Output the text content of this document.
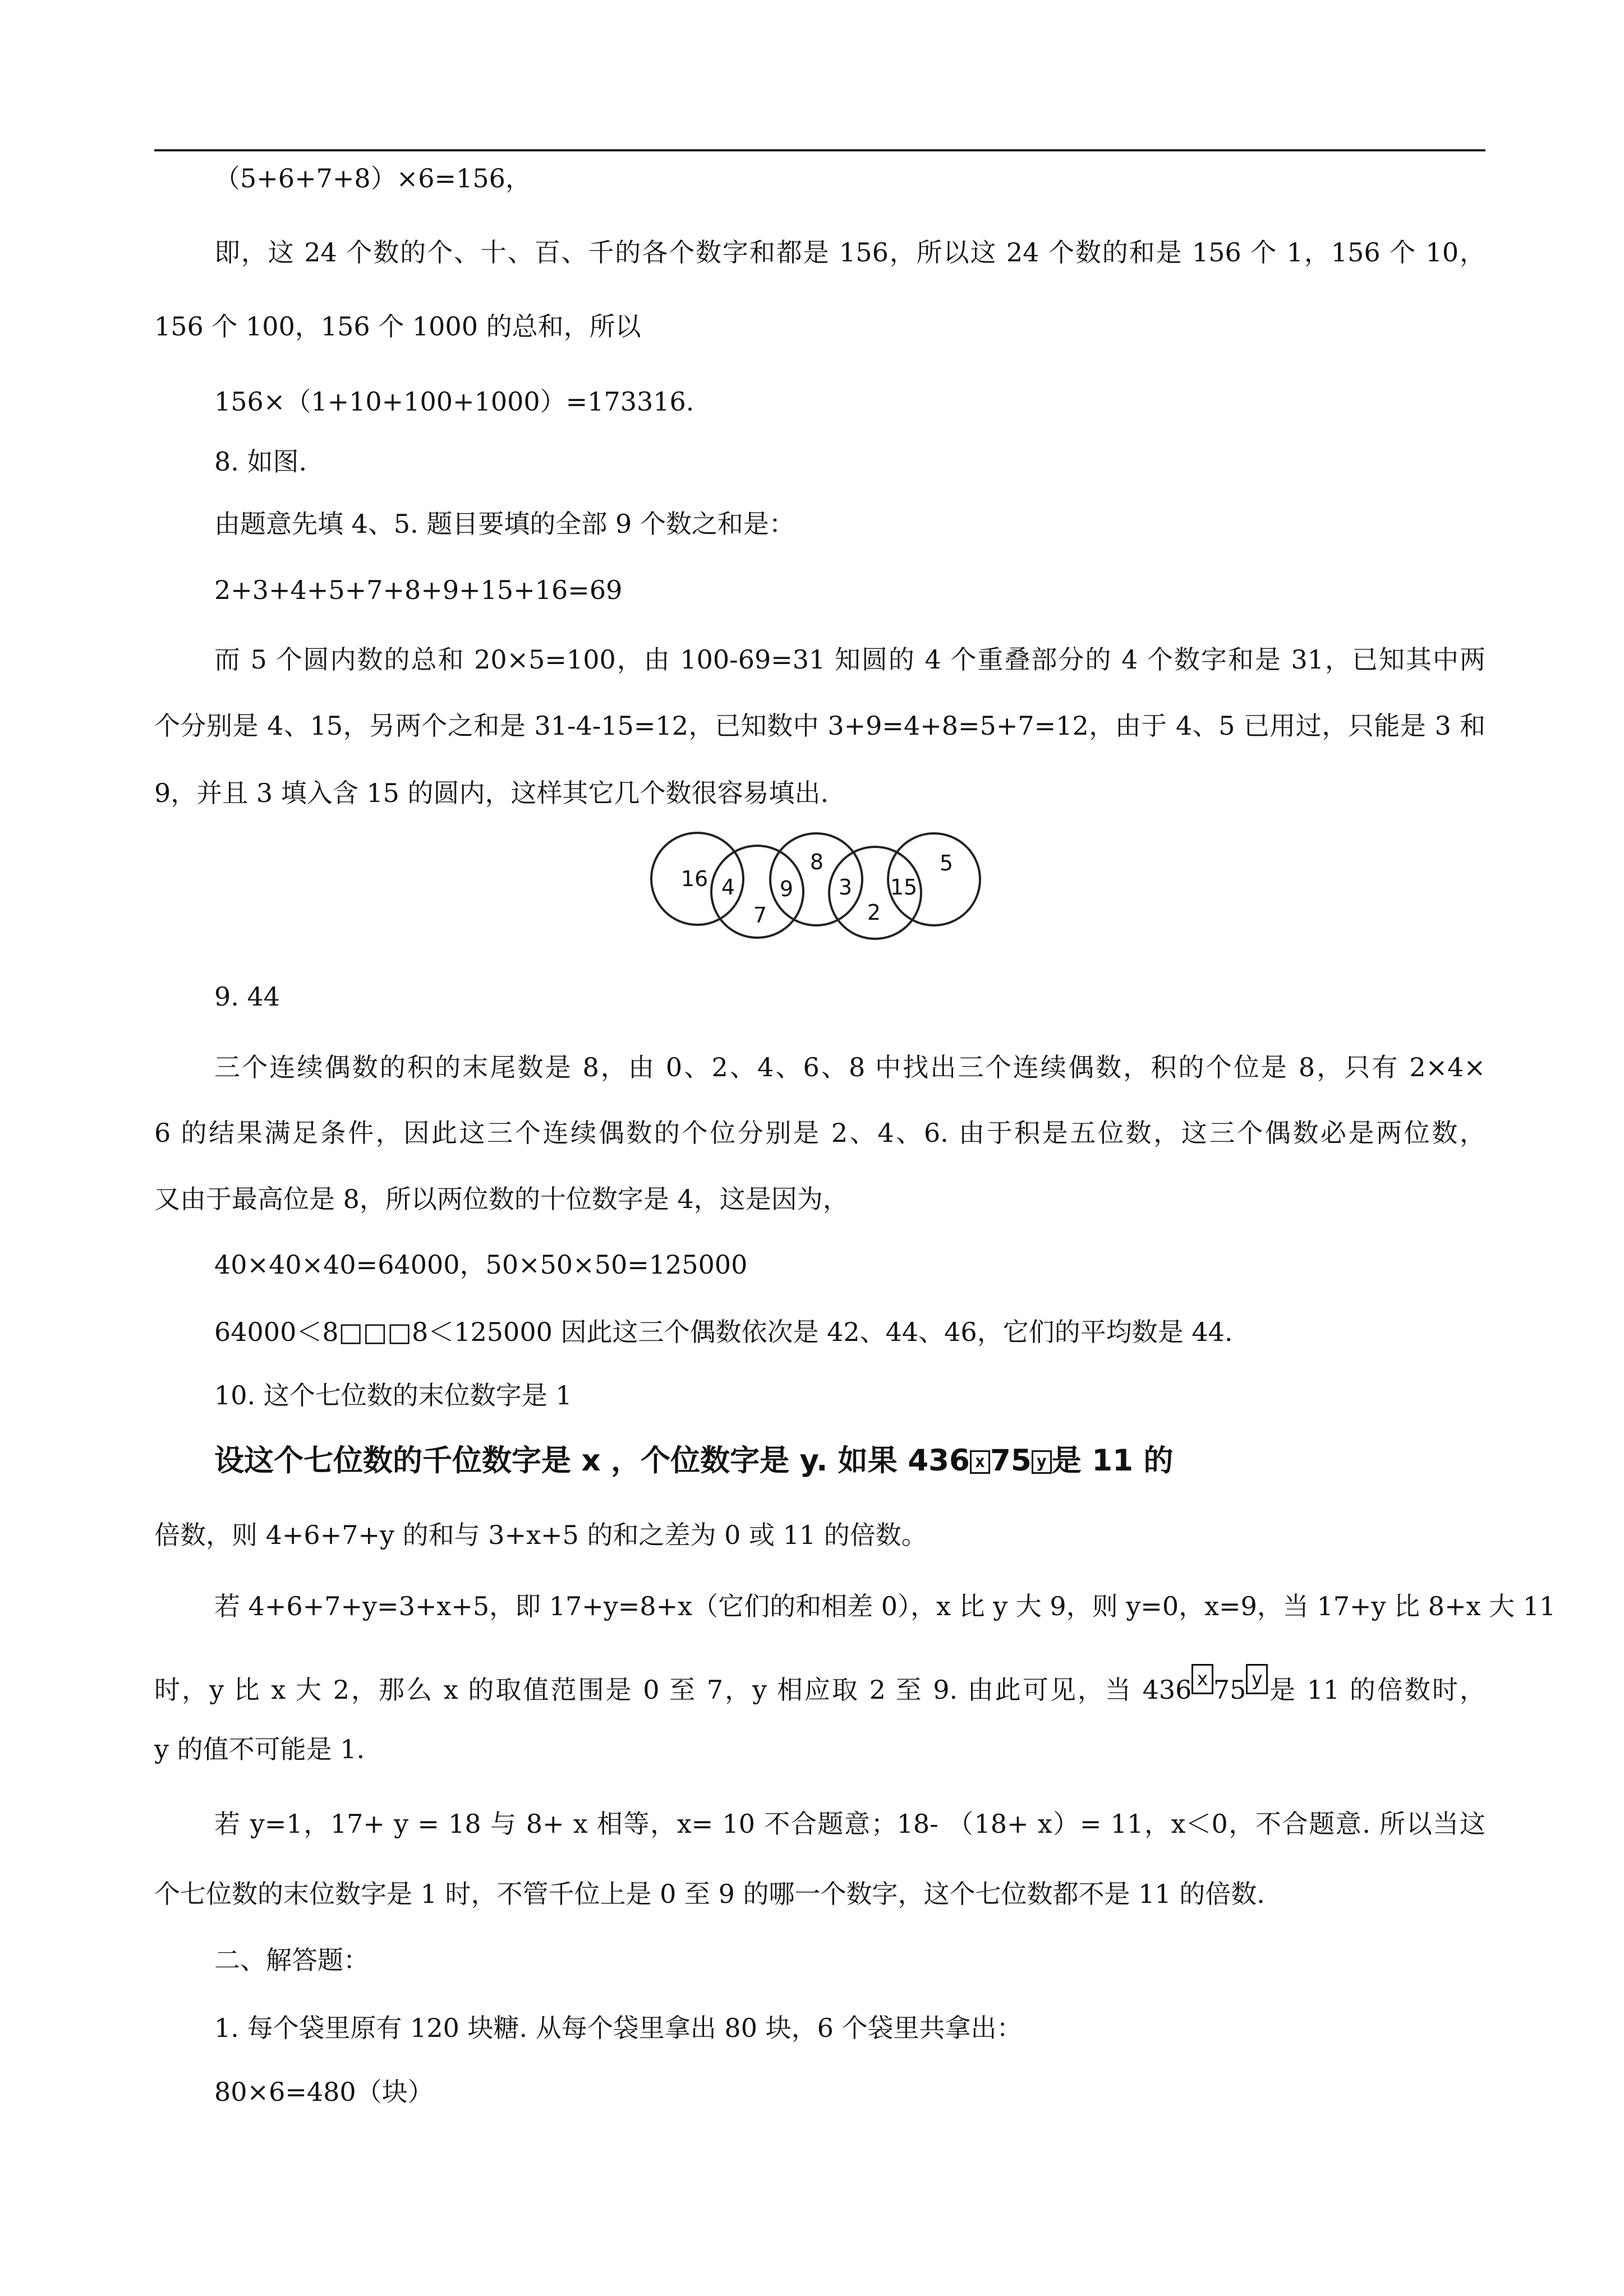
（5+6+7+8）×6=156，
即，这 24 个数的个、十、百、千的各个数字和都是 156，所以这 24 个数的和是 156 个 1，156 个 10，
156 个 100，156 个 1000 的总和，所以
156×（1+10+100+1000）=173316.
8. 如图.
由题意先填 4、5. 题目要填的全部 9 个数之和是：
2+3+4+5+7+8+9+15+16=69
而 5 个圆内数的总和 20×5=100，由 100-69=31 知圆的 4 个重叠部分的 4 个数字和是 31，已知其中两
个分别是 4、15，另两个之和是 31-4-15=12，已知数中 3+9=4+8=5+7=12，由于 4、5 已用过，只能是 3 和
9，并且 3 填入含 15 的圆内，这样其它几个数很容易填出.
16 4
7
9
8
3
2
15
5
9. 44
三个连续偶数的积的末尾数是 8，由 0、2、4、6、8 中找出三个连续偶数，积的个位是 8，只有 2×4×
6 的结果满足条件，因此这三个连续偶数的个位分别是 2、4、6. 由于积是五位数，这三个偶数必是两位数，
又由于最高位是 8，所以两位数的十位数字是 4，这是因为，
40×40×40=64000，50×50×50=125000
64000＜8□□□8＜125000 因此这三个偶数依次是 42、44、46，它们的平均数是 44.
10. 这个七位数的末位数字是 1
设这个七位数的千位数字是 x ，个位数字是 y. 如果 436 x 75 y 是 11 的
倍数，则 4+6+7+y 的和与 3+x+5 的和之差为 0 或 11 的倍数。
若 4+6+7+y=3+x+5，即 17+y=8+x（它们的和相差 0），x 比 y 大 9，则 y=0，x=9，当 17+y 比 8+x 大 11
时，y 比 x 大 2，那么 x 的取值范围是 0 至 7，y 相应取 2 至 9. 由此可见，当 436 x 75 y 是 11 的倍数时，
y 的值不可能是 1.
若 y=1，17+ y = 18 与 8+ x 相等，x= 10 不合题意；18- （18+ x）= 11，x＜0，不合题意. 所以当这
个七位数的末位数字是 1 时，不管千位上是 0 至 9 的哪一个数字，这个七位数都不是 11 的倍数.
二、解答题：
1. 每个袋里原有 120 块糖. 从每个袋里拿出 80 块，6 个袋里共拿出：
80×6=480（块）
